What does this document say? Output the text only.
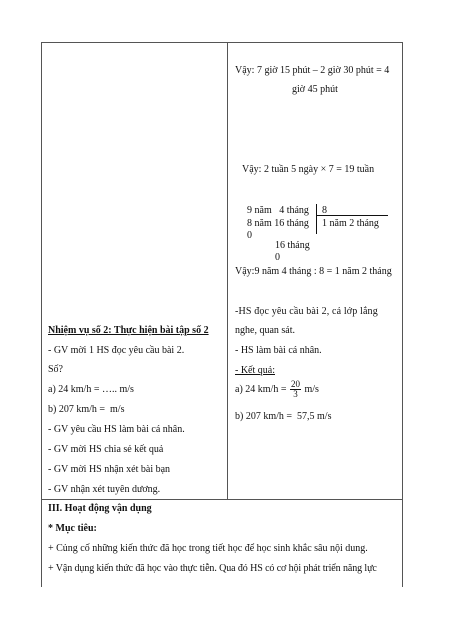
Vậy: 7 giờ 15 phút – 2 giờ 30 phút = 4
giờ 45 phút
Vậy: 2 tuần 5 ngày × 7 = 19 tuần
9 năm   4 tháng
8 năm 16 tháng
0
16 tháng
0
8
1 năm 2 tháng
Vậy:9 năm 4 tháng : 8 = 1 năm 2 tháng
-HS đọc yêu cầu bài 2, cả lớp lắng
nghe, quan sát.
- HS làm bài cá nhân.
- Kết quả:
a) 24 $km/h = \frac{20}{3} m/s$
b) 207 km/h =  57,5 m/s
Nhiệm vụ số 2: Thực hiện bài tập số 2
- GV mời 1 HS đọc yêu cầu bài 2.
Số?
a) 24 km/h = ….. m/s
b) 207 km/h =  m/s
- GV yêu cầu HS làm bài cá nhân.
- GV mời HS chia sẻ kết quả
- GV mời HS nhận xét bài bạn
- GV nhận xét tuyên dương.
III. Hoạt động vận dụng
* Mục tiêu:
+ Củng cố những kiến thức đã học trong tiết học để học sinh khắc sâu nội dung.
+ Vận dụng kiến thức đã học vào thực tiễn. Qua đó HS có cơ hội phát triển năng lực
